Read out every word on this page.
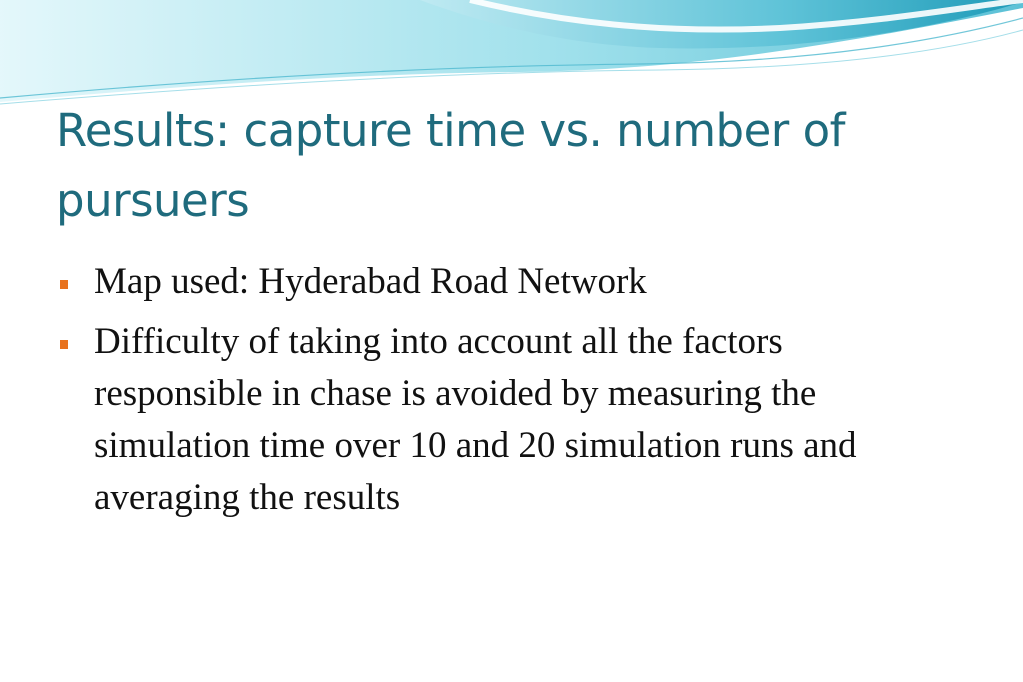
Results: capture time vs. number of pursuers
Map used: Hyderabad Road Network
Difficulty of taking into account all the factors responsible in chase is avoided by measuring the simulation time over 10 and 20 simulation runs and averaging the results
